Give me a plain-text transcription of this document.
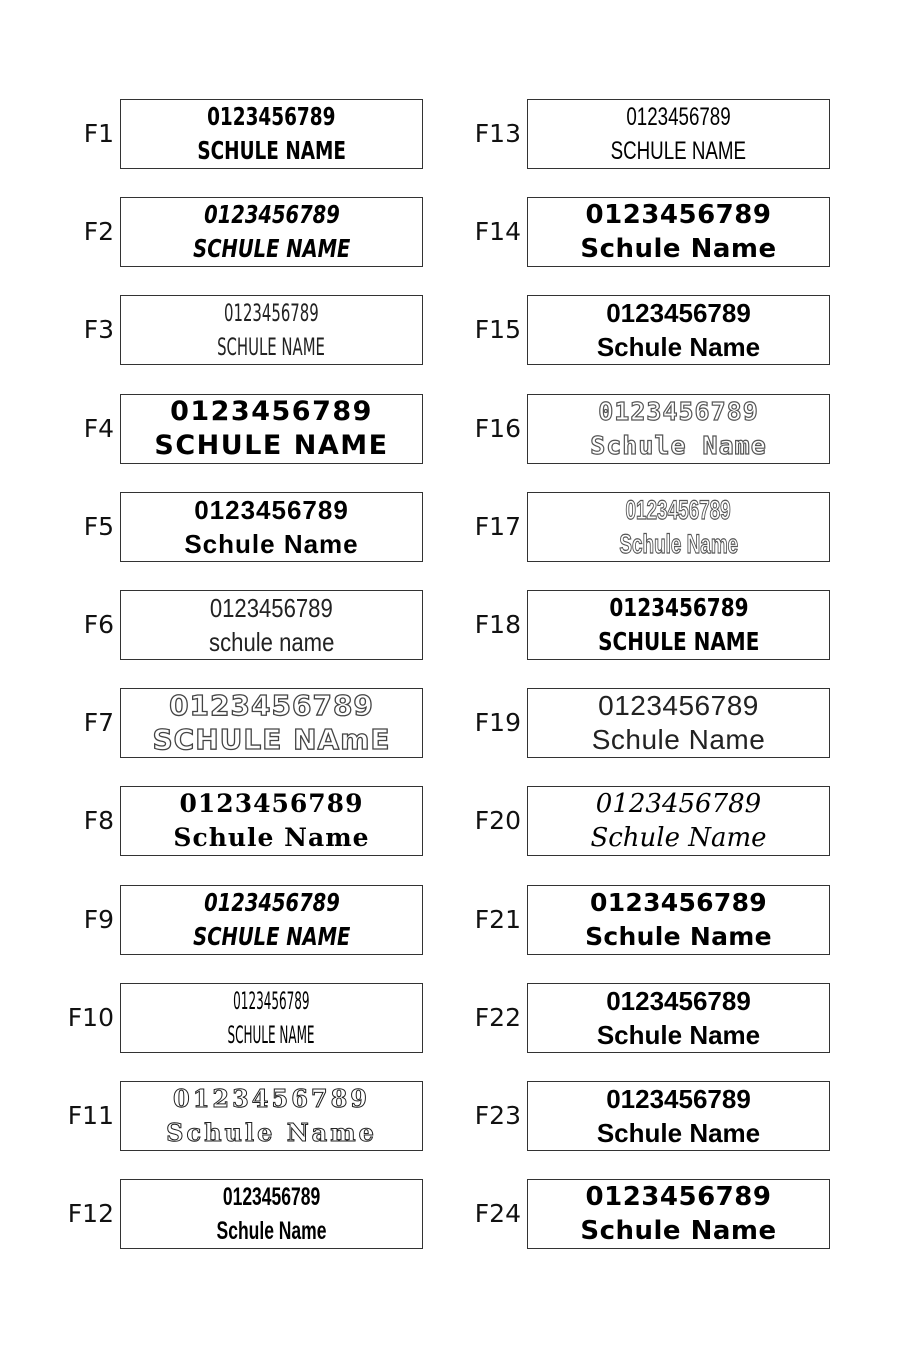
F1
0123456789
SCHULE NAME
F2
0123456789
SCHULE NAME
F3
0123456789
SCHULE NAME
F4
0123456789
SCHULE NAME
F5
0123456789
Schule Name
F6
0123456789
schule name
F7
0123456789
SCHULE NAmE
F8
0123456789
Schule Name
F9
0123456789
SCHULE NAME
F10
0123456789
SCHULE NAME
F11
0123456789
Schule Name
F12
0123456789
Schule Name
F13
0123456789
SCHULE NAME
F14
0123456789
Schule Name
F15
0123456789
Schule Name
F16
0123456789
Schule Name
F17
0123456789
Schule Name
F18
0123456789
SCHULE NAME
F19
0123456789
Schule Name
F20
0123456789
Schule Name
F21
0123456789
Schule Name
F22
0123456789
Schule Name
F23
0123456789
Schule Name
F24
0123456789
Schule Name
